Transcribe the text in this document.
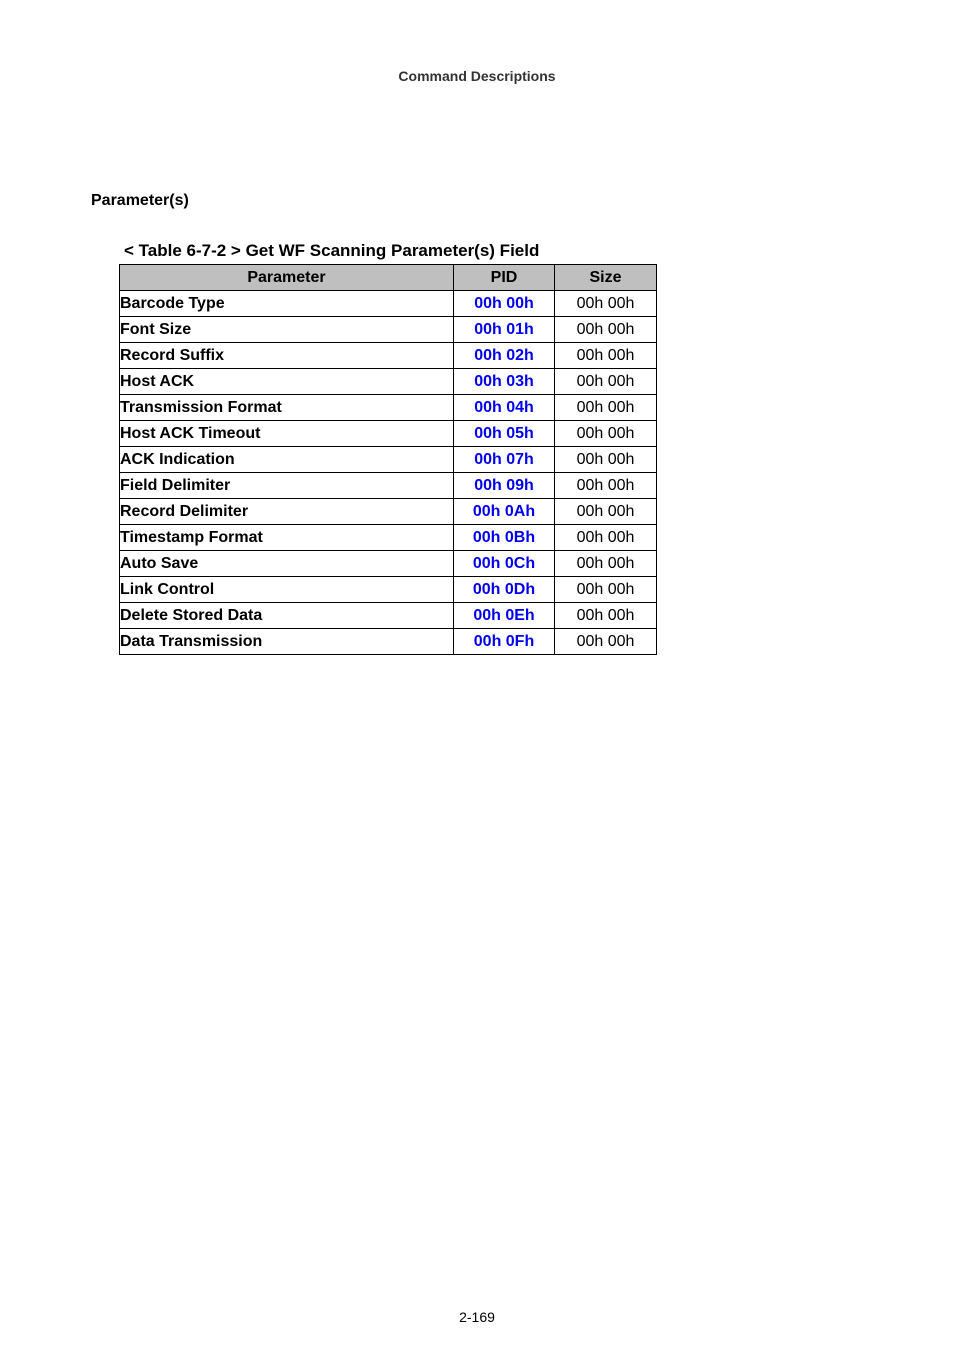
Command Descriptions
Parameter(s)
< Table 6-7-2 > Get WF Scanning Parameter(s) Field
Parameter	PID	Size
Barcode Type	00h 00h	00h 00h
Font Size	00h 01h	00h 00h
Record Suffix	00h 02h	00h 00h
Host ACK	00h 03h	00h 00h
Transmission Format	00h 04h	00h 00h
Host ACK Timeout	00h 05h	00h 00h
ACK Indication	00h 07h	00h 00h
Field Delimiter	00h 09h	00h 00h
Record Delimiter	00h 0Ah	00h 00h
Timestamp Format	00h 0Bh	00h 00h
Auto Save	00h 0Ch	00h 00h
Link Control	00h 0Dh	00h 00h
Delete Stored Data	00h 0Eh	00h 00h
Data Transmission	00h 0Fh	00h 00h
2-169
